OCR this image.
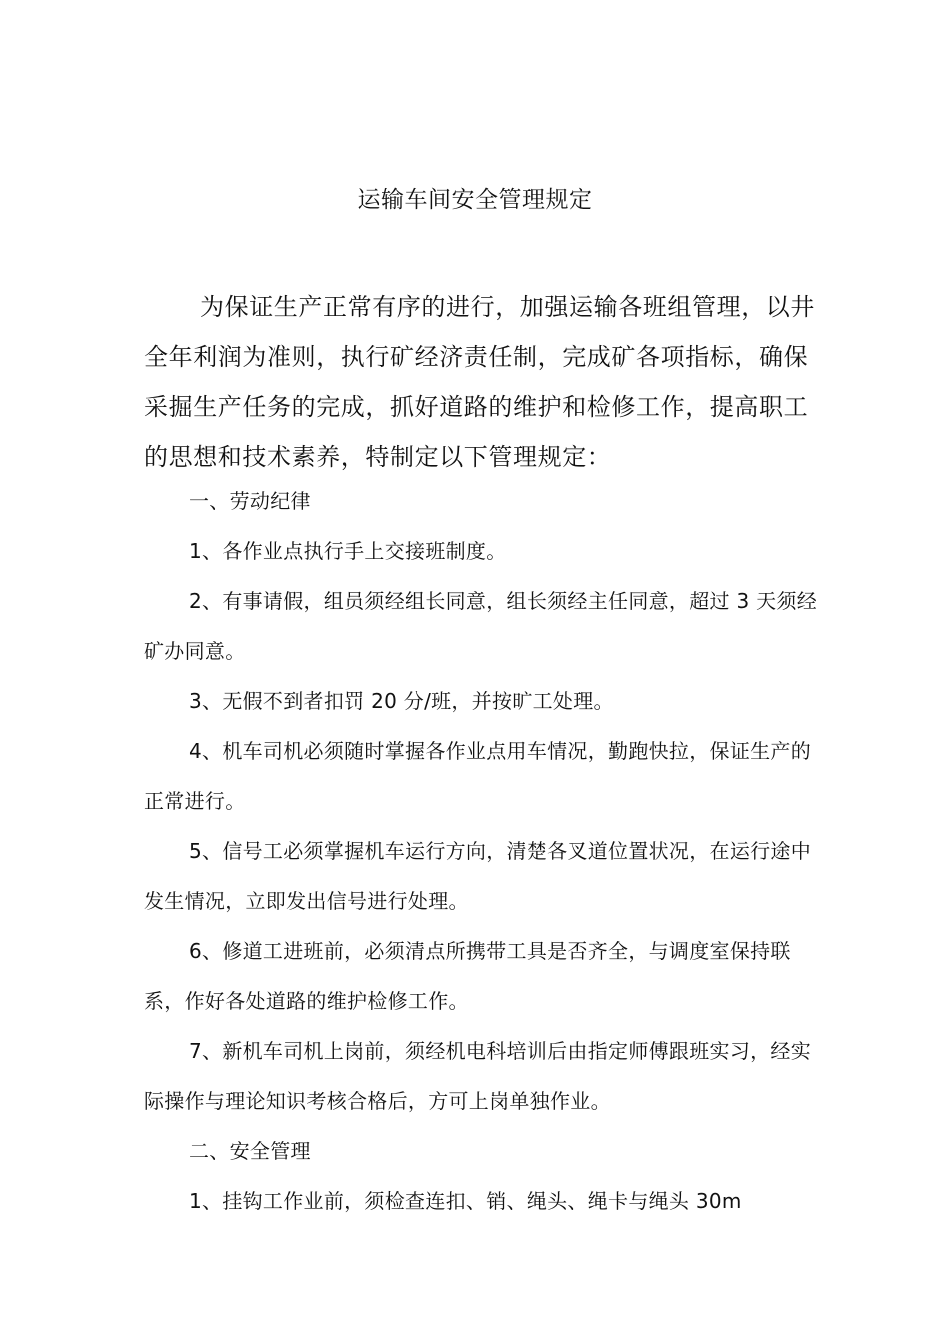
运输车间安全管理规定
为保证生产正常有序的进行，加强运输各班组管理，以井全年利润为准则，执行矿经济责任制，完成矿各项指标，确保采掘生产任务的完成，抓好道路的维护和检修工作，提高职工的思想和技术素养，特制定以下管理规定：

一、劳动纪律

1、各作业点执行手上交接班制度。

2、有事请假，组员须经组长同意，组长须经主任同意，超过 3 天须经矿办同意。

3、无假不到者扣罚 20 分/班，并按旷工处理。

4、机车司机必须随时掌握各作业点用车情况，勤跑快拉，保证生产的正常进行。

5、信号工必须掌握机车运行方向，清楚各叉道位置状况，在运行途中发生情况，立即发出信号进行处理。

6、修道工进班前，必须清点所携带工具是否齐全，与调度室保持联系，作好各处道路的维护检修工作。

7、新机车司机上岗前，须经机电科培训后由指定师傅跟班实习，经实际操作与理论知识考核合格后，方可上岗单独作业。

二、安全管理

1、挂钩工作业前，须检查连扣、销、绳头、绳卡与绳头 30m
